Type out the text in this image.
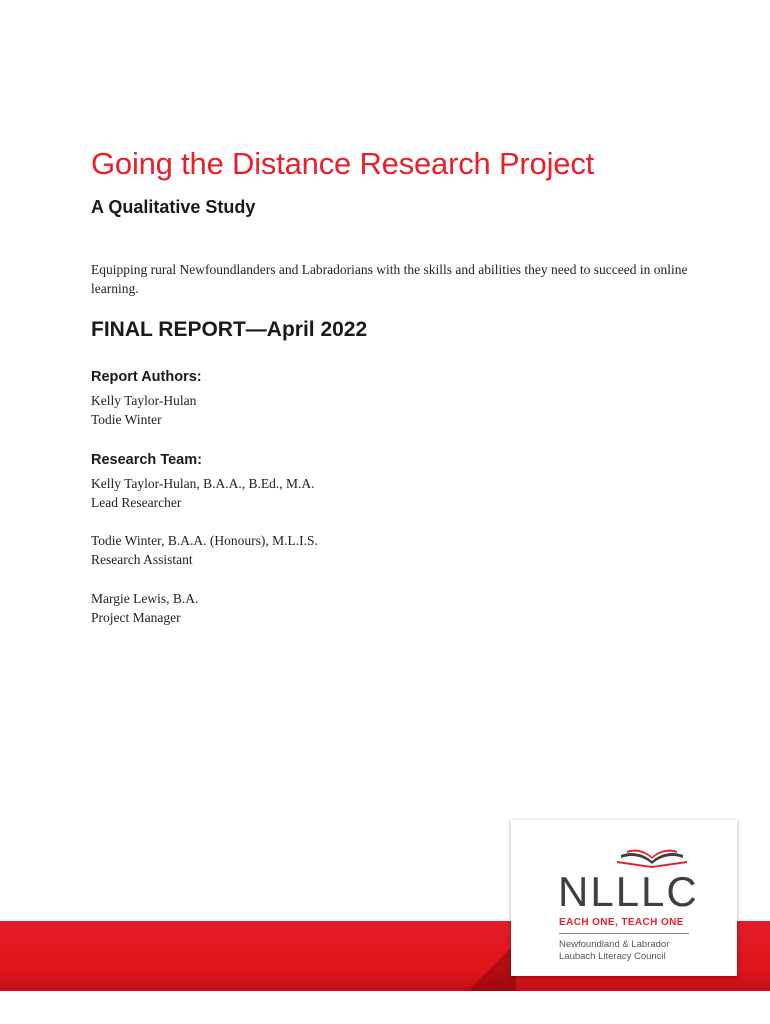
Going the Distance Research Project
A Qualitative Study

Equipping rural Newfoundlanders and Labradorians with the skills and abilities they need to succeed in online learning.

FINAL REPORT—April 2022
Report Authors:

Kelly Taylor-Hulan

Todie Winter

Research Team:

Kelly Taylor-Hulan, B.A.A., B.Ed., M.A.

Lead Researcher

Todie Winter, B.A.A. (Honours), M.L.I.S.

Research Assistant

Margie Lewis, B.A.

Project Manager

NLLLC

EACH ONE, TEACH ONE

Newfoundland & Labrador
Laubach Literacy Council
